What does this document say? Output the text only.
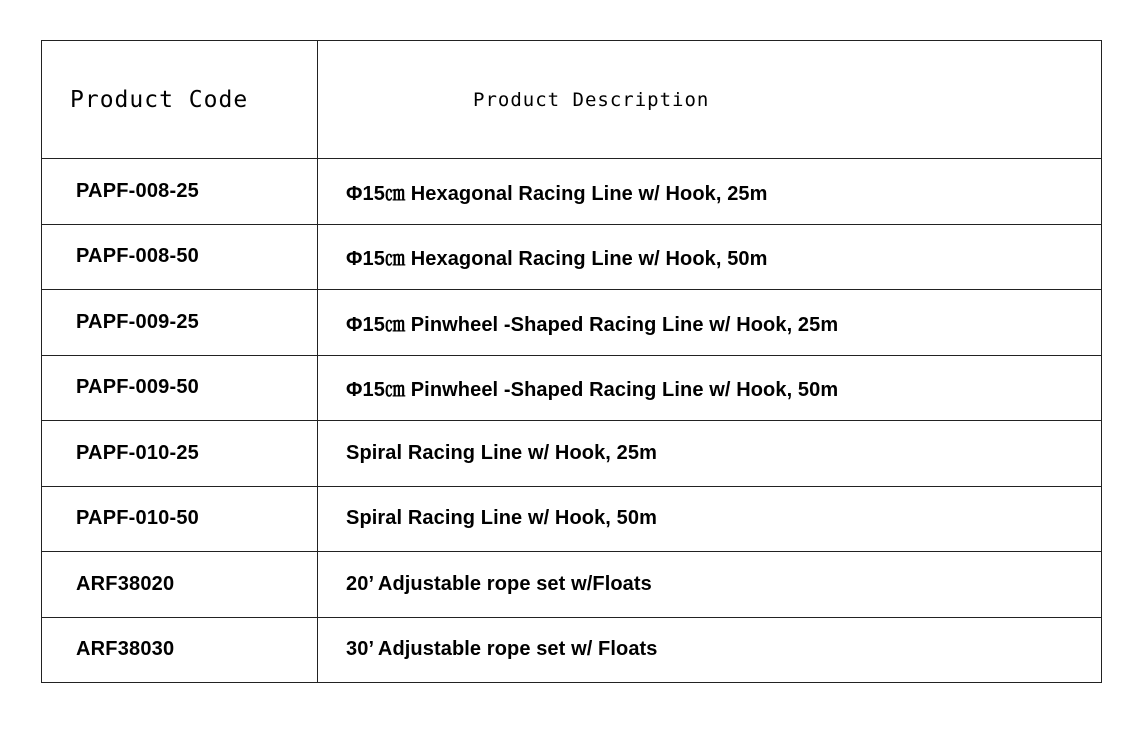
Product Code	Product Description
PAPF-008-25	Φ15㎝ Hexagonal Racing Line w/ Hook, 25m
PAPF-008-50	Φ15㎝ Hexagonal Racing Line w/ Hook, 50m
PAPF-009-25	Φ15㎝ Pinwheel -Shaped Racing Line w/ Hook, 25m
PAPF-009-50	Φ15㎝ Pinwheel -Shaped Racing Line w/ Hook, 50m
PAPF-010-25	Spiral Racing Line w/ Hook, 25m
PAPF-010-50	Spiral Racing Line w/ Hook, 50m
ARF38020	20’ Adjustable rope set w/Floats
ARF38030	30’ Adjustable rope set w/ Floats
